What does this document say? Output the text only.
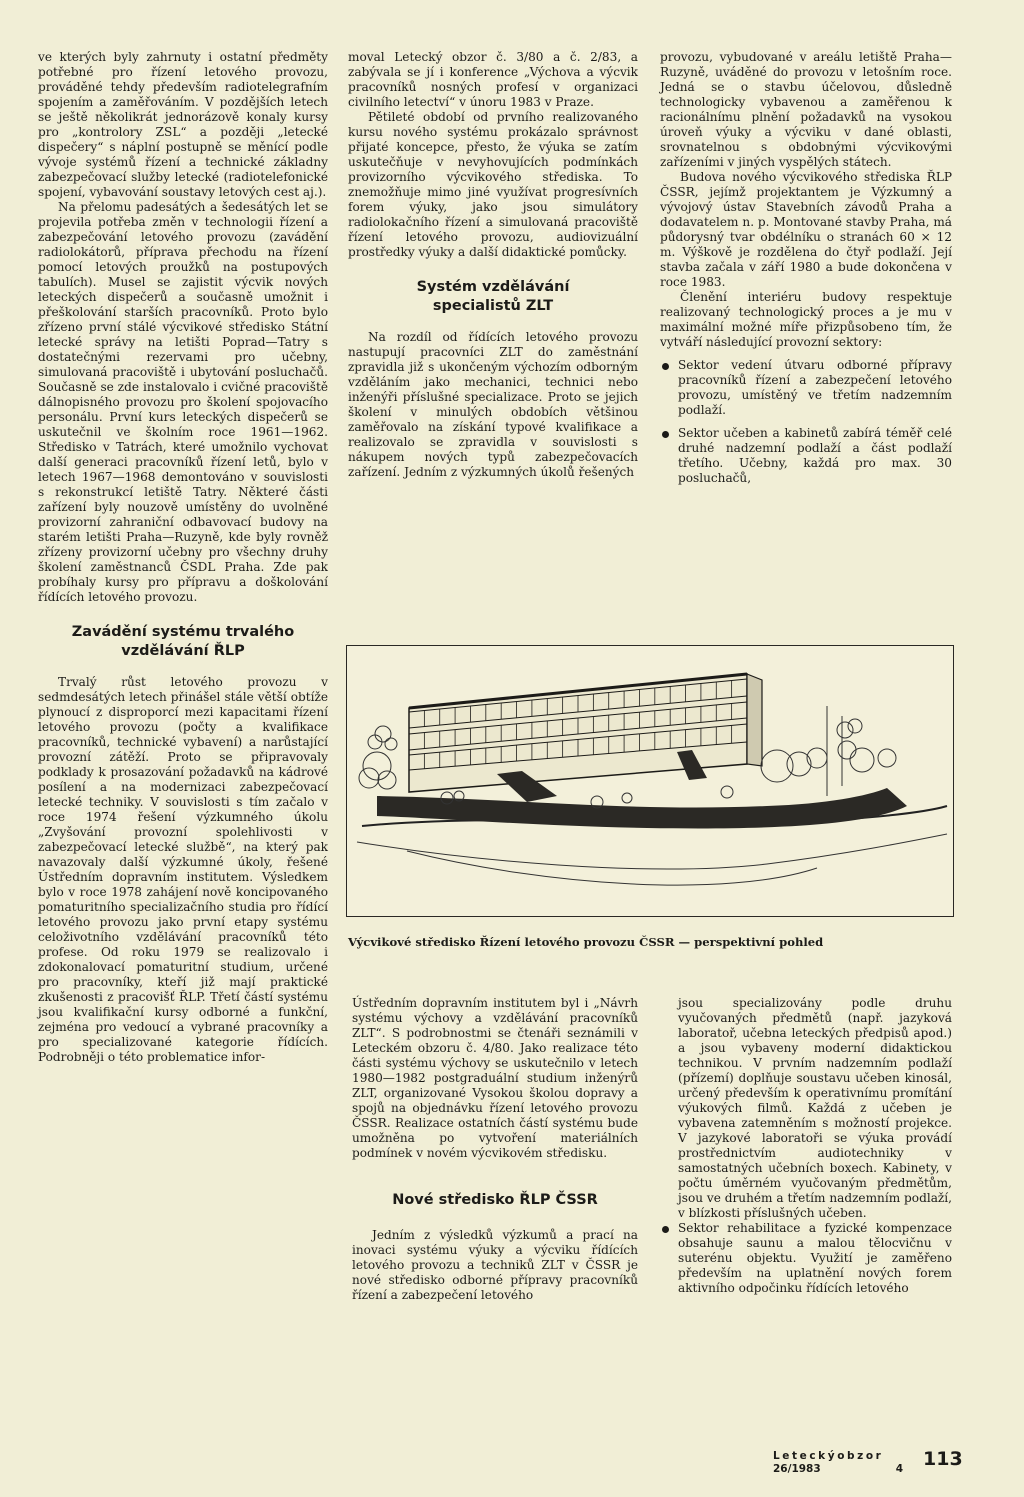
ve kterých byly zahrnuty i ostatní předměty potřebné pro řízení letového provozu, prováděné tehdy především radiotelegrafním spojením a zaměřováním. V pozdějších letech se ještě několikrát jednorázově konaly kursy pro „kontrolory ZSL“ a později „letecké dispečery“ s náplní postupně se měnící podle vývoje systémů řízení a technické základny zabezpečovací služby letecké (radiotelefonické spojení, vybavování soustavy letových cest aj.).

Na přelomu padesátých a šedesátých let se projevila potřeba změn v technologii řízení a zabezpečování letového provozu (zavádění radiolokátorů, příprava přechodu na řízení pomocí letových proužků na postupových tabulích). Musel se zajistit výcvik nových leteckých dispečerů a současně umožnit i přeškolování starších pracovníků. Proto bylo zřízeno první stálé výcvikové středisko Státní letecké správy na letišti Poprad—Tatry s dostatečnými rezervami pro učebny, simulovaná pracoviště i ubytování posluchačů. Současně se zde instalovalo i cvičné pracoviště dálnopisného provozu pro školení spojovacího personálu. První kurs leteckých dispečerů se uskutečnil ve školním roce 1961—1962. Středisko v Tatrách, které umožnilo vychovat další generaci pracovníků řízení letů, bylo v letech 1967—1968 demontováno v souvislosti s rekonstrukcí letiště Tatry. Některé části zařízení byly nouzově umístěny do uvolněné provizorní zahraniční odbavovací budovy na starém letišti Praha—Ruzyně, kde byly rovněž zřízeny provizorní učebny pro všechny druhy školení zaměstnanců ČSDL Praha. Zde pak probíhaly kursy pro přípravu a doškolování řídících letového provozu.

Zavádění systému trvalého vzdělávání ŘLP

Trvalý růst letového provozu v sedmdesátých letech přinášel stále větší obtíže plynoucí z disproporcí mezi kapacitami řízení letového provozu (počty a kvalifikace pracovníků, technické vybavení) a narůstající provozní zátěží. Proto se připravovaly podklady k prosazování požadavků na kádrové posílení a na modernizaci zabezpečovací letecké techniky. V souvislosti s tím začalo v roce 1974 řešení výzkumného úkolu „Zvyšování provozní spolehlivosti v zabezpečovací letecké službě“, na který pak navazovaly další výzkumné úkoly, řešené Ústředním dopravním institutem. Výsledkem bylo v roce 1978 zahájení nově koncipovaného pomaturitního specializačního studia pro řídící letového provozu jako první etapy systému celoživotního vzdělávání pracovníků této profese. Od roku 1979 se realizovalo i zdokonalovací pomaturitní studium, určené pro pracovníky, kteří již mají praktické zkušenosti z pracovišť ŘLP. Třetí částí systému jsou kvalifikační kursy odborné a funkční, zejména pro vedoucí a vybrané pracovníky a pro specializované kategorie řídících. Podrobněji o této problematice infor-

moval Letecký obzor č. 3/80 a č. 2/83, a zabývala se jí i konference „Výchova a výcvik pracovníků nosných profesí v organizaci civilního letectví“ v únoru 1983 v Praze.

Pětileté období od prvního realizovaného kursu nového systému prokázalo správnost přijaté koncepce, přesto, že výuka se zatím uskutečňuje v nevyhovujících podmínkách provizorního výcvikového střediska. To znemožňuje mimo jiné využívat progresívních forem výuky, jako jsou simulátory radiolokačního řízení a simulovaná pracoviště řízení letového provozu, audiovizuální prostředky výuky a další didaktické pomůcky.

Systém vzdělávání specialistů ZLT

Na rozdíl od řídících letového provozu nastupují pracovníci ZLT do zaměstnání zpravidla již s ukončeným výchozím odborným vzděláním jako mechanici, technici nebo inženýři příslušné specializace. Proto se jejich školení v minulých obdobích většinou zaměřovalo na získání typové kvalifikace a realizovalo se zpravidla v souvislosti s nákupem nových typů zabezpečovacích zařízení. Jedním z výzkumných úkolů řešených

provozu, vybudované v areálu letiště Praha—Ruzyně, uváděné do provozu v letošním roce. Jedná se o stavbu účelovou, důsledně technologicky vybavenou a zaměřenou k racionálnímu plnění požadavků na vysokou úroveň výuky a výcviku v dané oblasti, srovnatelnou s obdobnými výcvikovými zařízeními v jiných vyspělých státech.

Budova nového výcvikového střediska ŘLP ČSSR, jejímž projektantem je Výzkumný a vývojový ústav Stavebních závodů Praha a dodavatelem n. p. Montované stavby Praha, má půdorysný tvar obdélníku o stranách 60 × 12 m. Výškově je rozdělena do čtyř podlaží. Její stavba začala v září 1980 a bude dokončena v roce 1983.

Členění interiéru budovy respektuje realizovaný technologický proces a je mu v maximální možné míře přizpůsobeno tím, že vytváří následující provozní sektory:

Sektor vedení útvaru odborné přípravy pracovníků řízení a zabezpečení letového provozu, umístěný ve třetím nadzemním podlaží.
Sektor učeben a kabinetů zabírá téměř celé druhé nadzemní podlaží a část podlaží třetího. Učebny, každá pro max. 30 posluchačů,
Výcvikové středisko Řízení letového provozu ČSSR — perspektivní pohled

Ústředním dopravním institutem byl i „Návrh systému výchovy a vzdělávání pracovníků ZLT“. S podrobnostmi se čtenáři seznámili v Leteckém obzoru č. 4/80. Jako realizace této části systému výchovy se uskutečnilo v letech 1980—1982 postgraduální studium inženýrů ZLT, organizované Vysokou školou dopravy a spojů na objednávku řízení letového provozu ČSSR. Realizace ostatních částí systému bude umožněna po vytvoření materiálních podmínek v novém výcvikovém středisku.

Nové středisko ŘLP ČSSR

Jedním z výsledků výzkumů a prací na inovaci systému výuky a výcviku řídících letového provozu a techniků ZLT v ČSSR je nové středisko odborné přípravy pracovníků řízení a zabezpečení letového

jsou specializovány podle druhu vyučovaných předmětů (např. jazyková laboratoř, učebna leteckých předpisů apod.) a jsou vybaveny moderní didaktickou technikou. V prvním nadzemním podlaží (přízemí) doplňuje soustavu učeben kinosál, určený především k operativnímu promítání výukových filmů. Každá z učeben je vybavena zatemněním s možností projekce. V jazykové laboratoři se výuka provádí prostřednictvím audiotechniky v samostatných učebních boxech. Kabinety, v počtu úměrném vyučovaným předmětům, jsou ve druhém a třetím nadzemním podlaží, v blízkosti příslušných učeben.

Sektor rehabilitace a fyzické kompenzace obsahuje saunu a malou tělocvičnu v suterénu objektu. Využití je zaměřeno především na uplatnění nových forem aktivního odpočinku řídících letového
Leteckýobzor
26/1983	4 113
